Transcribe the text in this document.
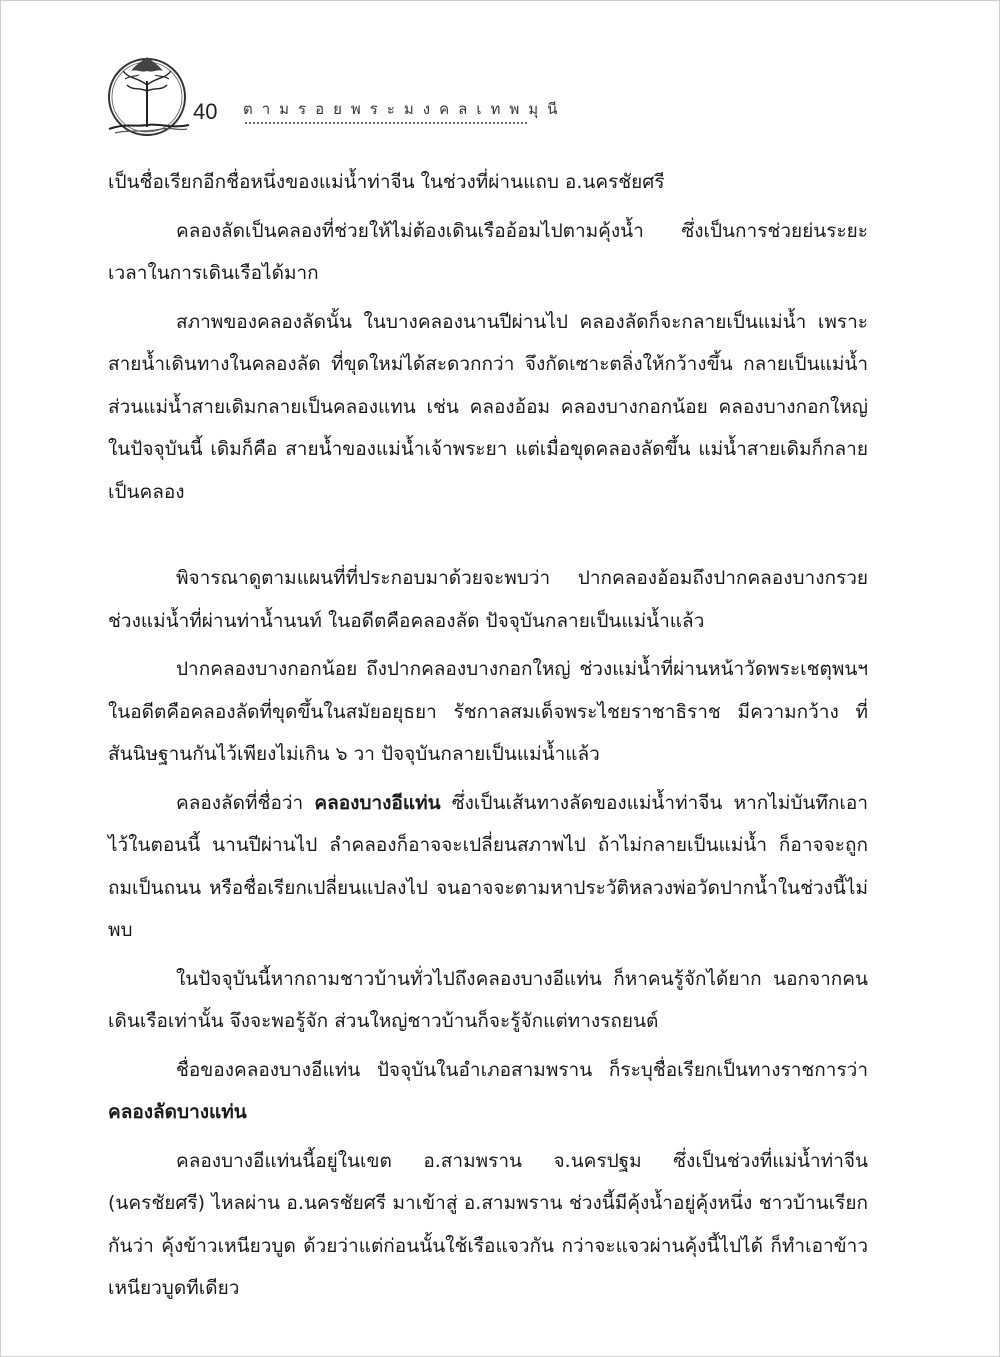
40 ตามรอยพระมงคลเทพมุนี

เป็นชื่อเรียกอีกชื่อหนึ่งของแม่น้ำท่าจีน ในช่วงที่ผ่านแถบ อ.นครชัยศรี

คลองลัดเป็นคลองที่ช่วยให้ไม่ต้องเดินเรืออ้อมไปตามคุ้งน้ำ ซึ่งเป็นการช่วยย่นระยะเวลาในการเดินเรือได้มาก

สภาพของคลองลัดนั้น ในบางคลองนานปีผ่านไป คลองลัดก็จะกลายเป็นแม่น้ำ เพราะสายน้ำเดินทางในคลองลัด ที่ขุดใหม่ได้สะดวกกว่า จึงกัดเซาะตลิ่งให้กว้างขึ้น กลายเป็นแม่น้ำ ส่วนแม่น้ำสายเดิมกลายเป็นคลองแทน เช่น คลองอ้อม คลองบางกอกน้อย คลองบางกอกใหญ่ในปัจจุบันนี้ เดิมก็คือ สายน้ำของแม่น้ำเจ้าพระยา แต่เมื่อขุดคลองลัดขึ้น แม่น้ำสายเดิมก็กลายเป็นคลอง

พิจารณาดูตามแผนที่ที่ประกอบมาด้วยจะพบว่า ปากคลองอ้อมถึงปากคลองบางกรวย ช่วงแม่น้ำที่ผ่านท่าน้ำนนท์ ในอดีตคือคลองลัด ปัจจุบันกลายเป็นแม่น้ำแล้ว

ปากคลองบางกอกน้อย ถึงปากคลองบางกอกใหญ่ ช่วงแม่น้ำที่ผ่านหน้าวัดพระเชตุพนฯ ในอดีตคือคลองลัดที่ขุดขึ้นในสมัยอยุธยา รัชกาลสมเด็จพระไชยราชาธิราช มีความกว้าง ที่สันนิษฐานกันไว้เพียงไม่เกิน ๖ วา ปัจจุบันกลายเป็นแม่น้ำแล้ว

คลองลัดที่ชื่อว่า คลองบางอีแท่น ซึ่งเป็นเส้นทางลัดของแม่น้ำท่าจีน หากไม่บันทึกเอาไว้ในตอนนี้ นานปีผ่านไป ลำคลองก็อาจจะเปลี่ยนสภาพไป ถ้าไม่กลายเป็นแม่น้ำ ก็อาจจะถูกถมเป็นถนน หรือชื่อเรียกเปลี่ยนแปลงไป จนอาจจะตามหาประวัติหลวงพ่อวัดปากน้ำในช่วงนี้ไม่พบ

ในปัจจุบันนี้หากถามชาวบ้านทั่วไปถึงคลองบางอีแท่น ก็หาคนรู้จักได้ยาก นอกจากคนเดินเรือเท่านั้น จึงจะพอรู้จัก ส่วนใหญ่ชาวบ้านก็จะรู้จักแต่ทางรถยนต์

ชื่อของคลองบางอีแท่น ปัจจุบันในอำเภอสามพราน ก็ระบุชื่อเรียกเป็นทางราชการว่า คลองลัดบางแท่น

คลองบางอีแท่นนี้อยู่ในเขต อ.สามพราน จ.นครปฐม ซึ่งเป็นช่วงที่แม่น้ำท่าจีน (นครชัยศรี) ไหลผ่าน อ.นครชัยศรี มาเข้าสู่ อ.สามพราน ช่วงนี้มีคุ้งน้ำอยู่คุ้งหนึ่ง ชาวบ้านเรียกกันว่า คุ้งข้าวเหนียวบูด ด้วยว่าแต่ก่อนนั้นใช้เรือแจวกัน กว่าจะแจวผ่านคุ้งนี้ไปได้ ก็ทำเอาข้าวเหนียวบูดทีเดียว
